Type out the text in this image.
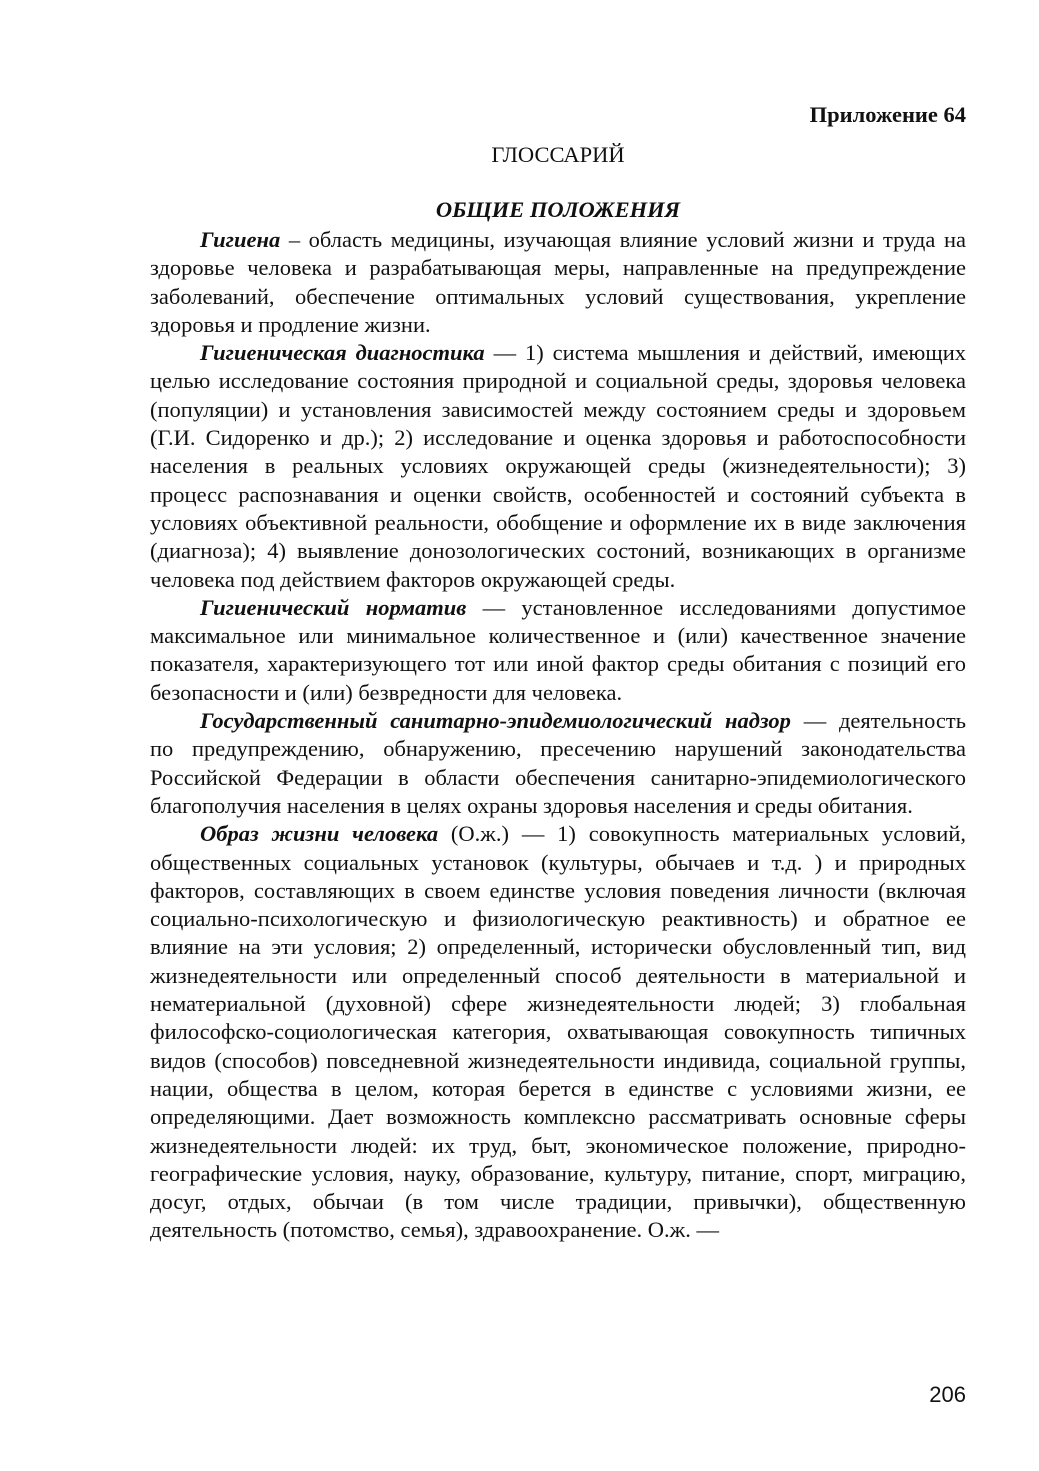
Приложение 64

ГЛОССАРИЙ

ОБЩИЕ ПОЛОЖЕНИЯ

Гигиена – область медицины, изучающая влияние условий жизни и труда на здоровье человека и разрабатывающая меры, направленные на предупреждение заболеваний, обеспечение оптимальных условий существования, укрепление здоровья и продление жизни.

Гигиеническая диагностика — 1) система мышления и действий, имеющих целью исследование состояния природной и социальной среды, здоровья человека (популяции) и установления зависимостей между состоянием среды и здоровьем (Г.И. Сидоренко и др.); 2) исследование и оценка здоровья и работоспособности населения в реальных условиях окружающей среды (жизнедеятельности); 3) процесс распознавания и оценки свойств, особенностей и состояний субъекта в условиях объективной реальности, обобщение и оформление их в виде заключения (диагноза); 4) выявление донозологических состоний, возникающих в организме человека под действием факторов окружающей среды.

Гигиенический норматив — установленное исследованиями допустимое максимальное или минимальное количественное и (или) качественное значение показателя, характеризующего тот или иной фактор среды обитания с позиций его безопасности и (или) безвредности для человека.

Государственный санитарно-эпидемиологический надзор — деятельность по предупреждению, обнаружению, пресечению нарушений законодательства Российской Федерации в области обеспечения санитарно-эпидемиологического благополучия населения в целях охраны здоровья населения и среды обитания.

Образ жизни человека (О.ж.) — 1) совокупность материальных условий, общественных социальных установок (культуры, обычаев и т.д. ) и природных факторов, составляющих в своем единстве условия поведения личности (включая социально-психологическую и физиологическую реактивность) и обратное ее влияние на эти условия; 2) определенный, исторически обусловленный тип, вид жизнедеятельности или определенный способ деятельности в материальной и нематериальной (духовной) сфере жизнедеятельности людей; 3) глобальная философско-социологическая категория, охватывающая совокупность типичных видов (способов) повседневной жизнедеятельности индивида, социальной группы, нации, общества в целом, которая берется в единстве с условиями жизни, ее определяющими. Дает возможность комплексно рассматривать основные сферы жизнедеятельности людей: их труд, быт, экономическое положение, природно-географические условия, науку, образование, культуру, питание, спорт, миграцию, досуг, отдых, обычаи (в том числе традиции, привычки), общественную деятельность (потомство, семья), здравоохранение. О.ж. —

206
